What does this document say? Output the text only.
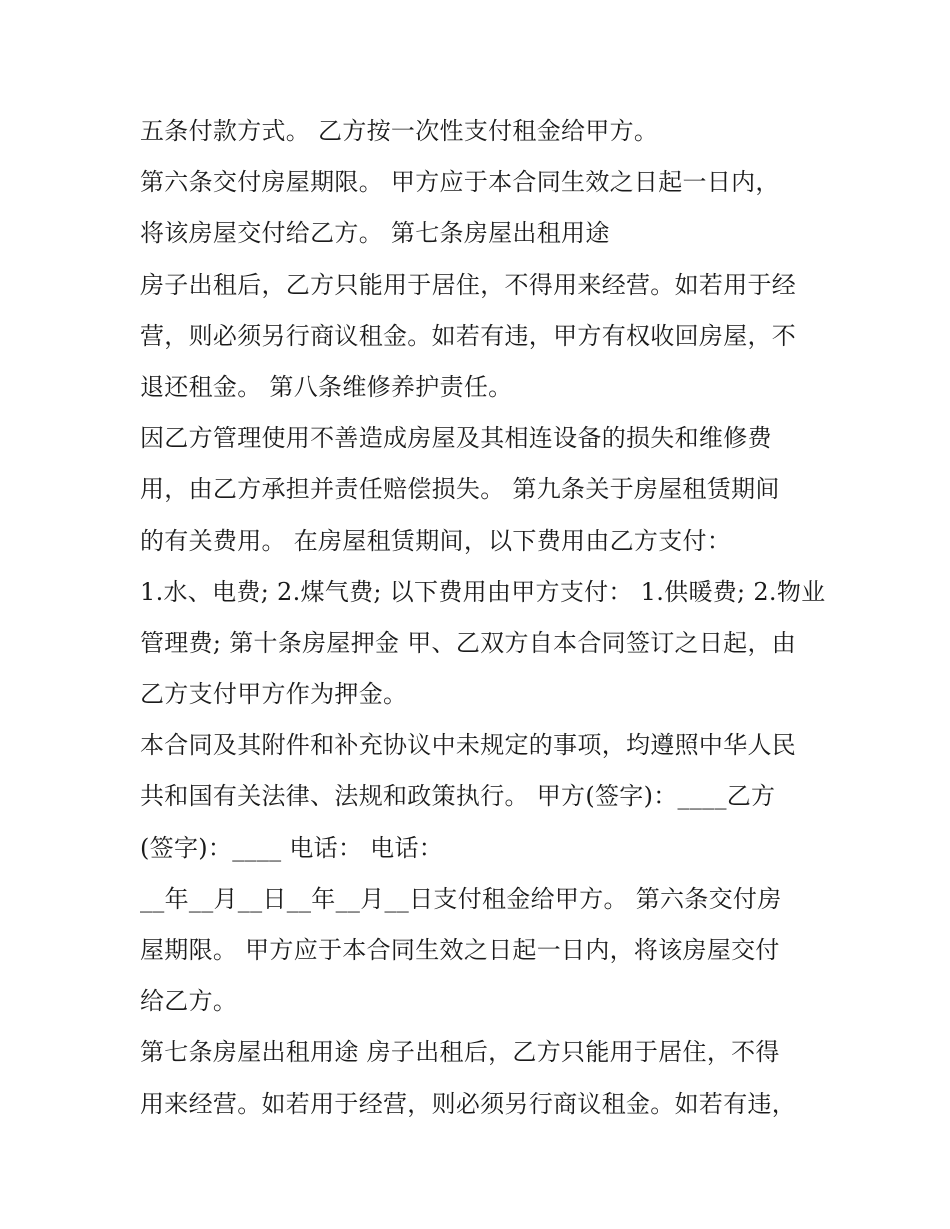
五条付款方式。 乙方按一次性支付租金给甲方。
第六条交付房屋期限。 甲方应于本合同生效之日起一日内，
将该房屋交付给乙方。 第七条房屋出租用途
房子出租后，乙方只能用于居住，不得用来经营。如若用于经
营，则必须另行商议租金。如若有违，甲方有权收回房屋，不
退还租金。 第八条维修养护责任。
因乙方管理使用不善造成房屋及其相连设备的损失和维修费
用，由乙方承担并责任赔偿损失。 第九条关于房屋租赁期间
的有关费用。 在房屋租赁期间，以下费用由乙方支付：
1.水、电费; 2.煤气费; 以下费用由甲方支付： 1.供暖费; 2.物业
管理费; 第十条房屋押金 甲、乙双方自本合同签订之日起，由
乙方支付甲方作为押金。
本合同及其附件和补充协议中未规定的事项，均遵照中华人民
共和国有关法律、法规和政策执行。 甲方(签字)：____乙方
(签字)：____ 电话： 电话：
__年__月__日__年__月__日支付租金给甲方。 第六条交付房
屋期限。 甲方应于本合同生效之日起一日内，将该房屋交付
给乙方。
第七条房屋出租用途 房子出租后，乙方只能用于居住，不得
用来经营。如若用于经营，则必须另行商议租金。如若有违，
